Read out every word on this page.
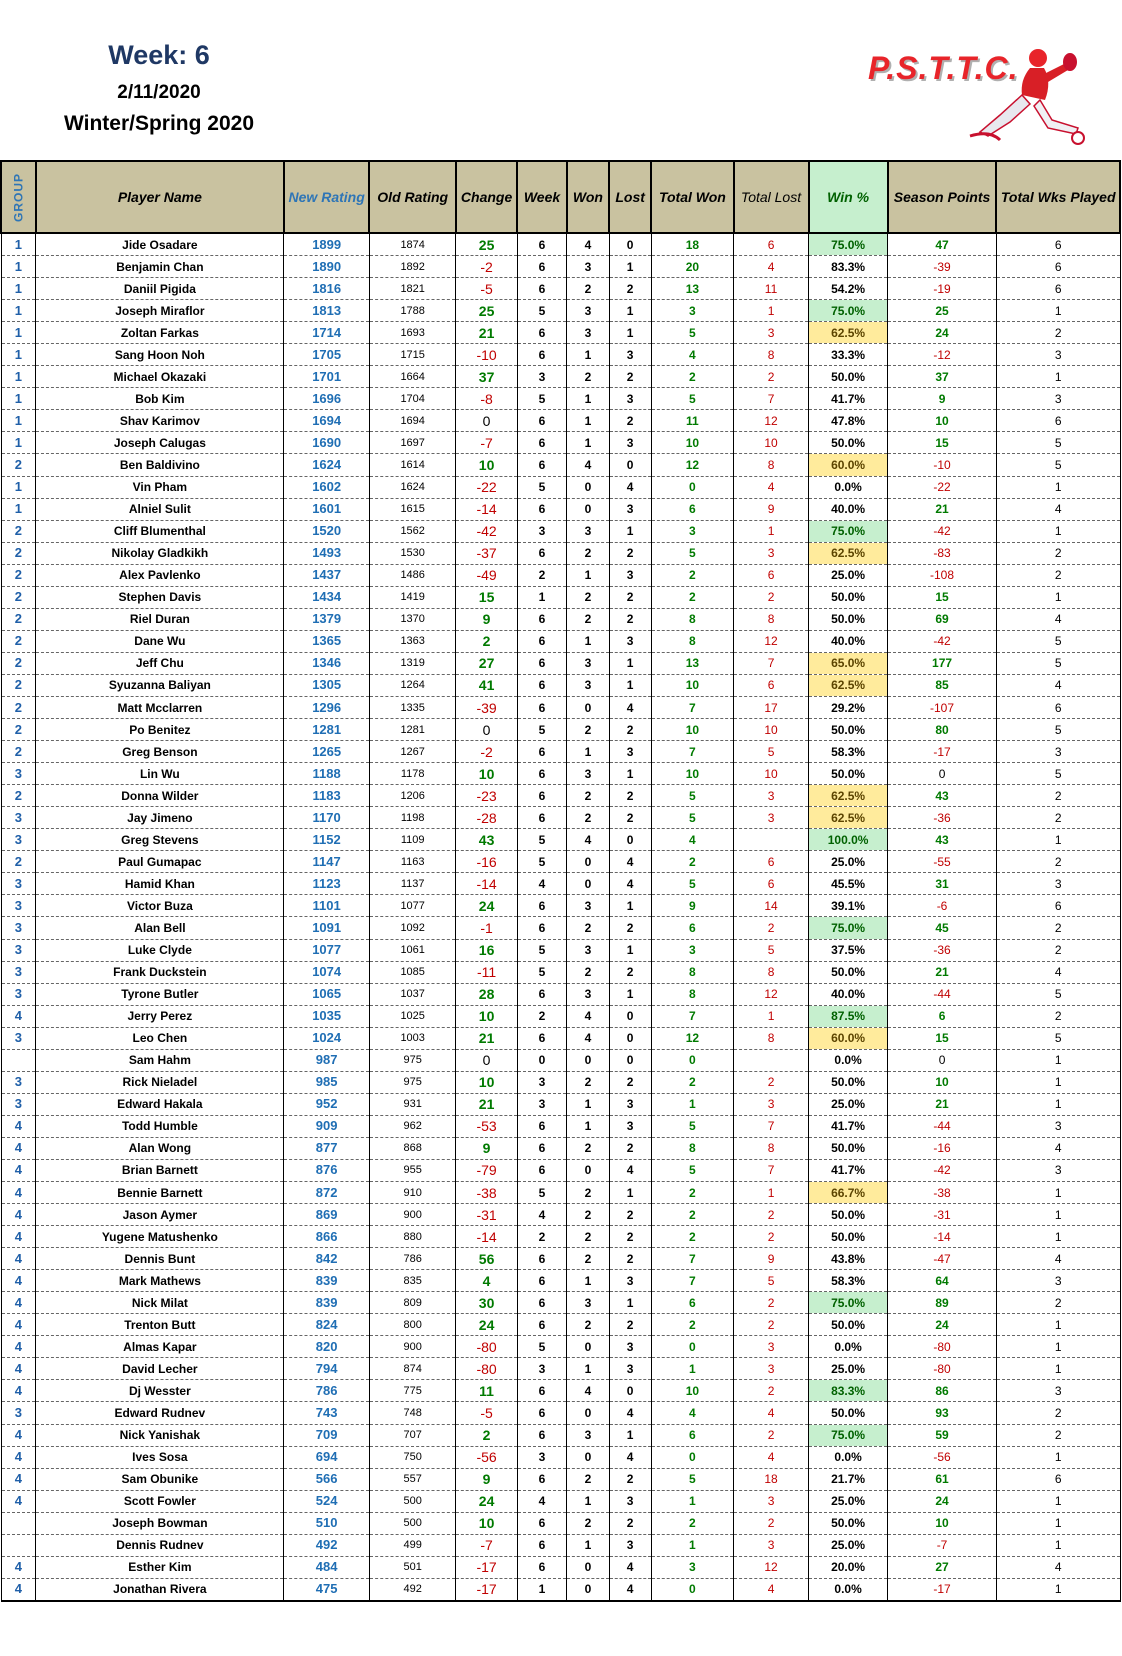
Week: 6
2/11/2020
Winter/Spring 2020
P.S.T.T.C.
GROUP	Player Name	New Rating	Old Rating	Change	Week	Won	Lost	Total Won	Total Lost	Win %	Season Points	Total Wks Played
1	Jide Osadare	1899	1874	25	6	4	0	18	6	75.0%	47	6
1	Benjamin Chan	1890	1892	-2	6	3	1	20	4	83.3%	-39	6
1	Daniil Pigida	1816	1821	-5	6	2	2	13	11	54.2%	-19	6
1	Joseph Miraflor	1813	1788	25	5	3	1	3	1	75.0%	25	1
1	Zoltan Farkas	1714	1693	21	6	3	1	5	3	62.5%	24	2
1	Sang Hoon Noh	1705	1715	-10	6	1	3	4	8	33.3%	-12	3
1	Michael Okazaki	1701	1664	37	3	2	2	2	2	50.0%	37	1
1	Bob Kim	1696	1704	-8	5	1	3	5	7	41.7%	9	3
1	Shav Karimov	1694	1694	0	6	1	2	11	12	47.8%	10	6
1	Joseph Calugas	1690	1697	-7	6	1	3	10	10	50.0%	15	5
2	Ben Baldivino	1624	1614	10	6	4	0	12	8	60.0%	-10	5
1	Vin Pham	1602	1624	-22	5	0	4	0	4	0.0%	-22	1
1	Alniel Sulit	1601	1615	-14	6	0	3	6	9	40.0%	21	4
2	Cliff Blumenthal	1520	1562	-42	3	3	1	3	1	75.0%	-42	1
2	Nikolay Gladkikh	1493	1530	-37	6	2	2	5	3	62.5%	-83	2
2	Alex Pavlenko	1437	1486	-49	2	1	3	2	6	25.0%	-108	2
2	Stephen Davis	1434	1419	15	1	2	2	2	2	50.0%	15	1
2	Riel Duran	1379	1370	9	6	2	2	8	8	50.0%	69	4
2	Dane Wu	1365	1363	2	6	1	3	8	12	40.0%	-42	5
2	Jeff Chu	1346	1319	27	6	3	1	13	7	65.0%	177	5
2	Syuzanna Baliyan	1305	1264	41	6	3	1	10	6	62.5%	85	4
2	Matt Mcclarren	1296	1335	-39	6	0	4	7	17	29.2%	-107	6
2	Po Benitez	1281	1281	0	5	2	2	10	10	50.0%	80	5
2	Greg Benson	1265	1267	-2	6	1	3	7	5	58.3%	-17	3
3	Lin Wu	1188	1178	10	6	3	1	10	10	50.0%	0	5
2	Donna Wilder	1183	1206	-23	6	2	2	5	3	62.5%	43	2
3	Jay Jimeno	1170	1198	-28	6	2	2	5	3	62.5%	-36	2
3	Greg Stevens	1152	1109	43	5	4	0	4		100.0%	43	1
2	Paul Gumapac	1147	1163	-16	5	0	4	2	6	25.0%	-55	2
3	Hamid Khan	1123	1137	-14	4	0	4	5	6	45.5%	31	3
3	Victor Buza	1101	1077	24	6	3	1	9	14	39.1%	-6	6
3	Alan Bell	1091	1092	-1	6	2	2	6	2	75.0%	45	2
3	Luke Clyde	1077	1061	16	5	3	1	3	5	37.5%	-36	2
3	Frank Duckstein	1074	1085	-11	5	2	2	8	8	50.0%	21	4
3	Tyrone Butler	1065	1037	28	6	3	1	8	12	40.0%	-44	5
4	Jerry Perez	1035	1025	10	2	4	0	7	1	87.5%	6	2
3	Leo Chen	1024	1003	21	6	4	0	12	8	60.0%	15	5
	Sam Hahm	987	975	0	0	0	0	0		0.0%	0	1
3	Rick Nieladel	985	975	10	3	2	2	2	2	50.0%	10	1
3	Edward Hakala	952	931	21	3	1	3	1	3	25.0%	21	1
4	Todd Humble	909	962	-53	6	1	3	5	7	41.7%	-44	3
4	Alan Wong	877	868	9	6	2	2	8	8	50.0%	-16	4
4	Brian Barnett	876	955	-79	6	0	4	5	7	41.7%	-42	3
4	Bennie Barnett	872	910	-38	5	2	1	2	1	66.7%	-38	1
4	Jason Aymer	869	900	-31	4	2	2	2	2	50.0%	-31	1
4	Yugene Matushenko	866	880	-14	2	2	2	2	2	50.0%	-14	1
4	Dennis Bunt	842	786	56	6	2	2	7	9	43.8%	-47	4
4	Mark Mathews	839	835	4	6	1	3	7	5	58.3%	64	3
4	Nick Milat	839	809	30	6	3	1	6	2	75.0%	89	2
4	Trenton Butt	824	800	24	6	2	2	2	2	50.0%	24	1
4	Almas Kapar	820	900	-80	5	0	3	0	3	0.0%	-80	1
4	David Lecher	794	874	-80	3	1	3	1	3	25.0%	-80	1
4	Dj Wesster	786	775	11	6	4	0	10	2	83.3%	86	3
3	Edward Rudnev	743	748	-5	6	0	4	4	4	50.0%	93	2
4	Nick Yanishak	709	707	2	6	3	1	6	2	75.0%	59	2
4	Ives Sosa	694	750	-56	3	0	4	0	4	0.0%	-56	1
4	Sam Obunike	566	557	9	6	2	2	5	18	21.7%	61	6
4	Scott Fowler	524	500	24	4	1	3	1	3	25.0%	24	1
	Joseph Bowman	510	500	10	6	2	2	2	2	50.0%	10	1
	Dennis Rudnev	492	499	-7	6	1	3	1	3	25.0%	-7	1
4	Esther Kim	484	501	-17	6	0	4	3	12	20.0%	27	4
4	Jonathan Rivera	475	492	-17	1	0	4	0	4	0.0%	-17	1
